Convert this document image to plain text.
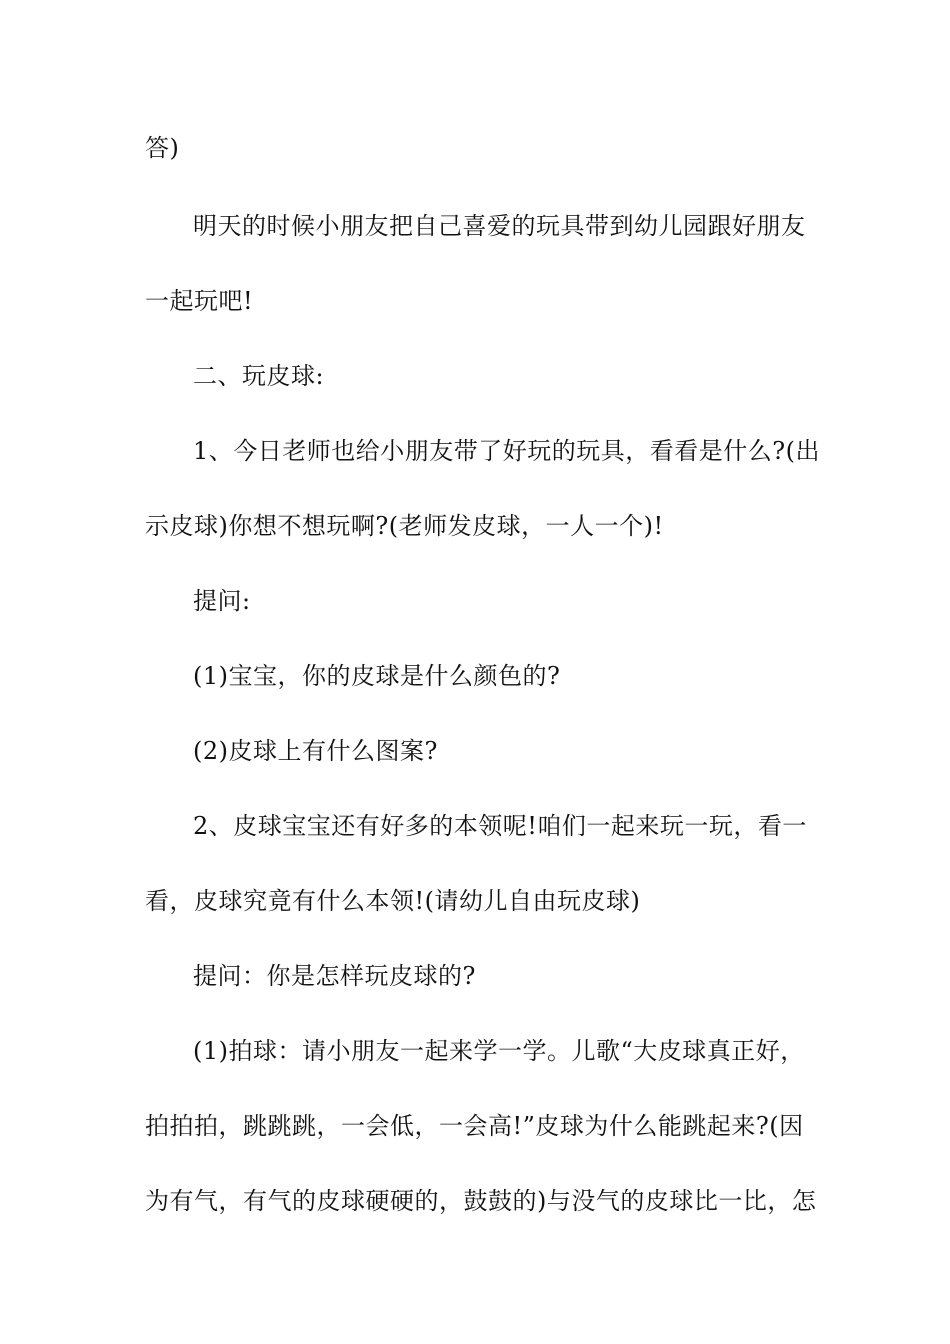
答)
明天的时候小朋友把自己喜爱的玩具带到幼儿园跟好朋友
一起玩吧!
二、玩皮球:
1、今日老师也给小朋友带了好玩的玩具，看看是什么?(出
示皮球)你想不想玩啊?(老师发皮球，一人一个)!
提问:
(1)宝宝，你的皮球是什么颜色的?
(2)皮球上有什么图案?
2、皮球宝宝还有好多的本领呢!咱们一起来玩一玩，看一
看，皮球究竟有什么本领!(请幼儿自由玩皮球)
提问：你是怎样玩皮球的?
(1)拍球：请小朋友一起来学一学。儿歌“大皮球真正好，
拍拍拍，跳跳跳，一会低，一会高!”皮球为什么能跳起来?(因
为有气，有气的皮球硬硬的，鼓鼓的)与没气的皮球比一比，怎
